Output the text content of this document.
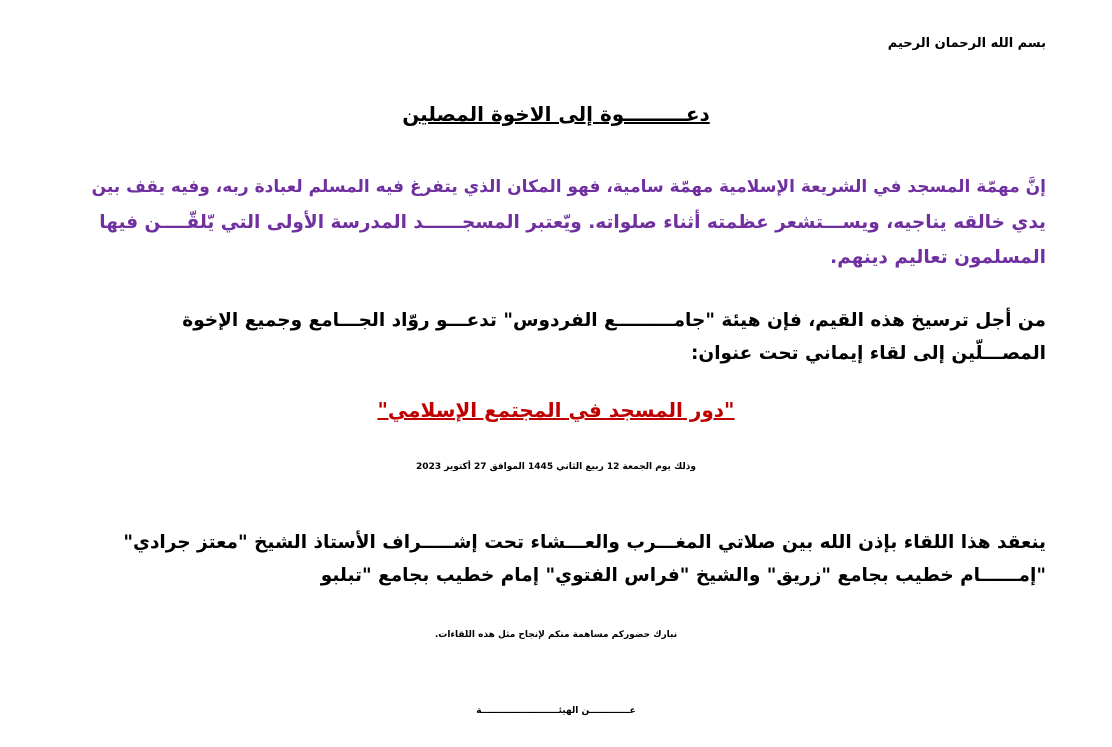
بسم الله الرحمان الرحيم

دعـــــــــوة إلى الاخوة المصلين

إنَّ مهمّة المسجد في الشريعة الإسلامية مهمّة سامية، فهو المكان الذي يتفرغ فيه المسلم لعبادة ربه، وفيه يقف بين
يدي خالقه يناجيه، ويســـتشعر عظمته أثناء صلواته. ويّعتبر المسجــــــد المدرسة الأولى التي يّلقّــــن فيها
المسلمون تعاليم دينهم.
من أجل ترسيخ هذه القيم، فإن هيئة "جامـــــــــع الفردوس" تدعـــو روّاد الجـــامع وجميع الإخوة
المصـــلّين إلى لقاء إيماني تحت عنوان:

"دور المسجد في المجتمع الإسلامي"

وذلك يوم الجمعة 12 ربيع الثاني 1445 الموافق 27 أكتوير 2023

ينعقد هذا اللقاء بإذن الله بين صلاتي المغـــرب والعـــشاء تحت إشـــــراف الأستاذ الشيخ "معتز جرادي"
"إمــــــام خطيب بجامع "زريق" والشيخ "فراس الفتوي" إمام خطيب بجامع "تبلبو

نبارك حضوركم مساهمة منكم لإنجاح مثل هذه اللقاءات.

عـــــــــــــن الهيئـــــــــــــــــــــــــة
